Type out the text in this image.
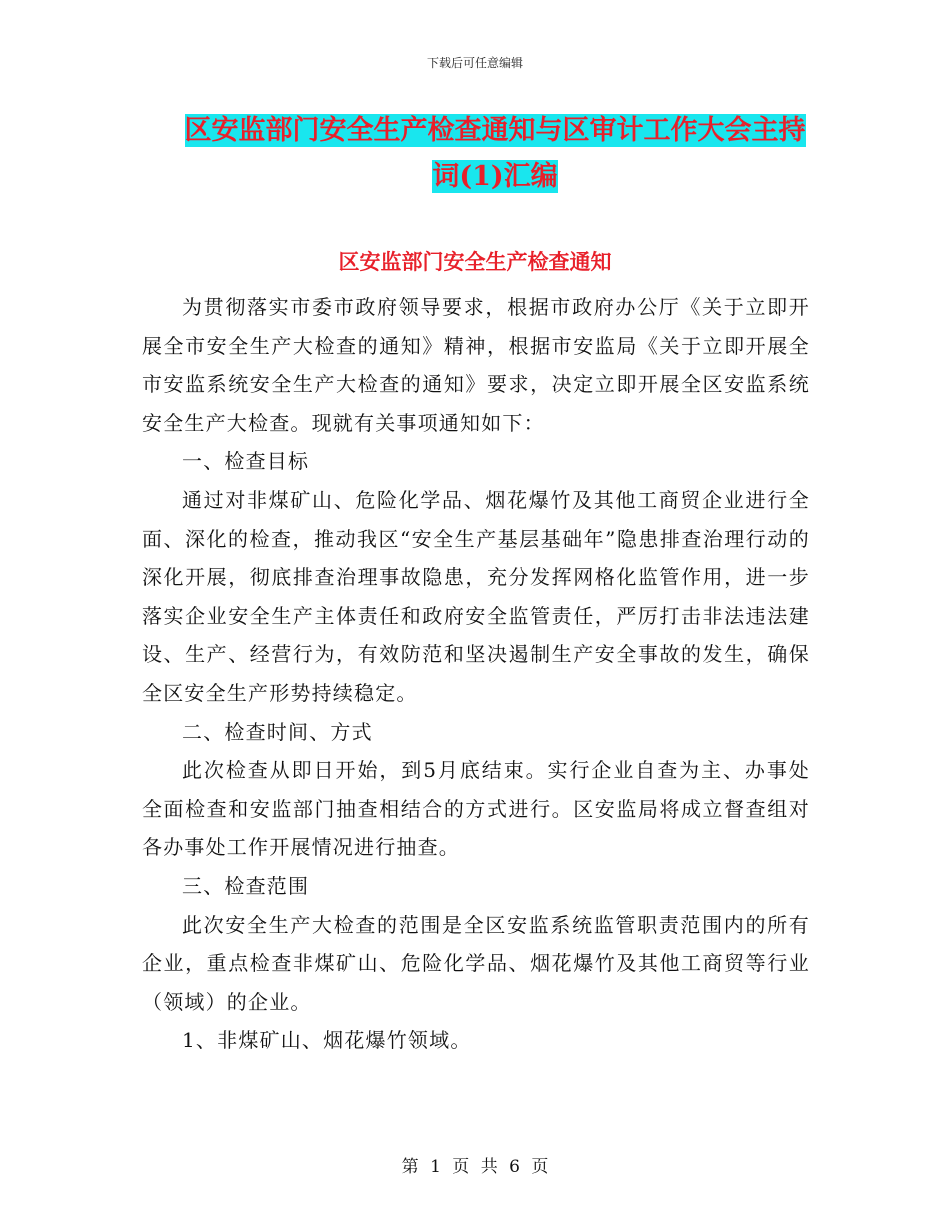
下载后可任意编辑
区安监部门安全生产检查通知与区审计工作大会主持
词(1)汇编
区安监部门安全生产检查通知

为贯彻落实市委市政府领导要求，根据市政府办公厅《关于立即开展全市安全生产大检查的通知》精神，根据市安监局《关于立即开展全市安监系统安全生产大检查的通知》要求，决定立即开展全区安监系统安全生产大检查。现就有关事项通知如下：

一、检查目标

通过对非煤矿山、危险化学品、烟花爆竹及其他工商贸企业进行全面、深化的检查，推动我区“安全生产基层基础年”隐患排查治理行动的深化开展，彻底排查治理事故隐患，充分发挥网格化监管作用，进一步落实企业安全生产主体责任和政府安全监管责任，严厉打击非法违法建设、生产、经营行为，有效防范和坚决遏制生产安全事故的发生，确保全区安全生产形势持续稳定。

二、检查时间、方式

此次检查从即日开始，到5月底结束。实行企业自查为主、办事处全面检查和安监部门抽查相结合的方式进行。区安监局将成立督查组对各办事处工作开展情况进行抽查。

三、检查范围

此次安全生产大检查的范围是全区安监系统监管职责范围内的所有企业，重点检查非煤矿山、危险化学品、烟花爆竹及其他工商贸等行业（领域）的企业。

1、非煤矿山、烟花爆竹领域。

第 1 页 共 6 页
